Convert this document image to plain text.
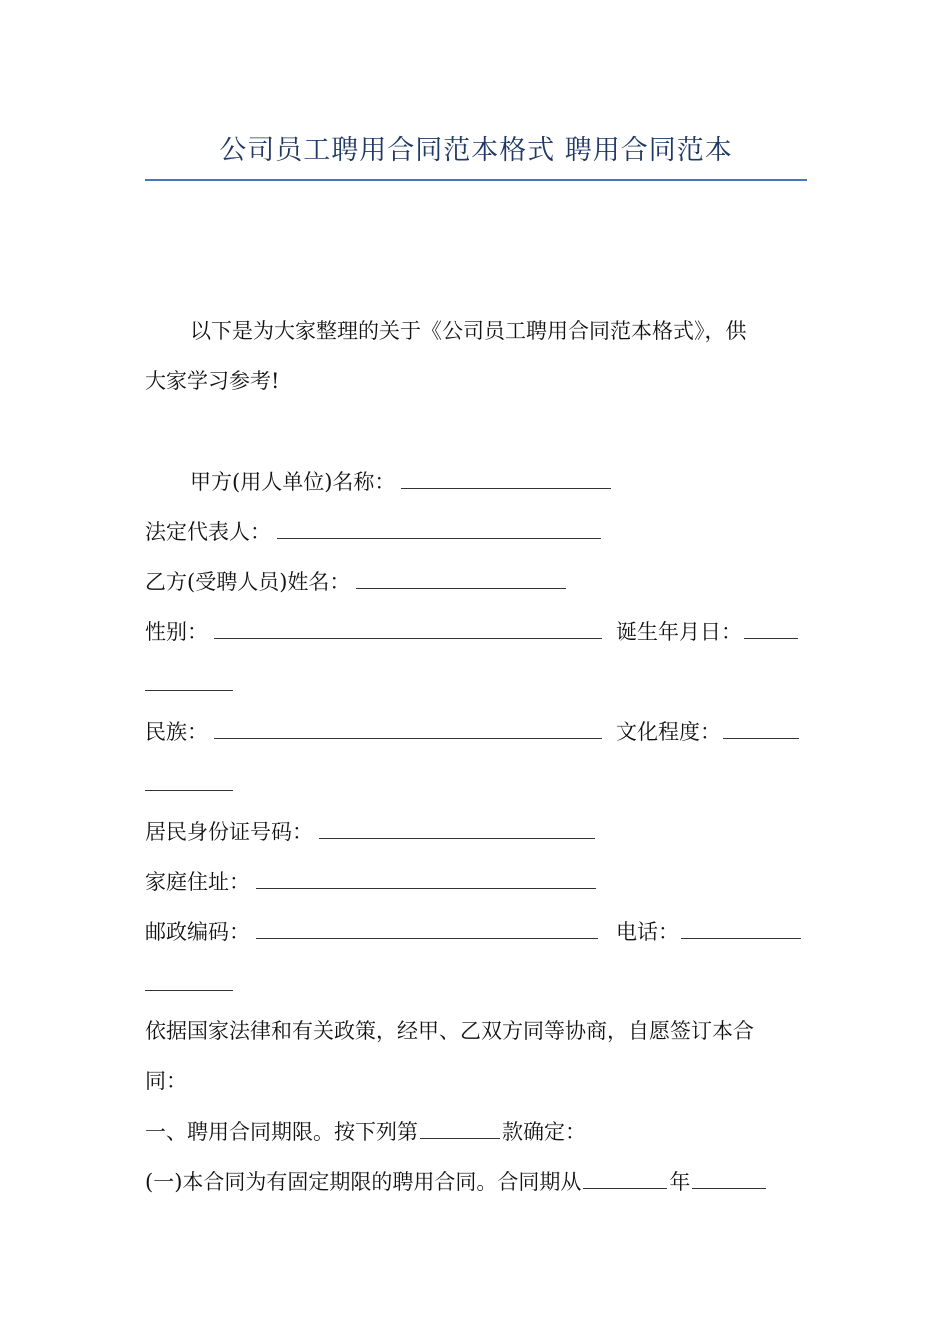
公司员工聘用合同范本格式 聘用合同范本
以下是为大家整理的关于《公司员工聘用合同范本格式》，供
大家学习参考!
甲方(用人单位)名称：
法定代表人：
乙方(受聘人员)姓名：
性别：	诞生年月日：
民族：	文化程度：
居民身份证号码：
家庭住址：
邮政编码：	电话：
依据国家法律和有关政策，经甲、乙双方同等协商，自愿签订本合
同：
一、聘用合同期限。按下列第	款确定：
(一)本合同为有固定期限的聘用合同。合同期从	年
